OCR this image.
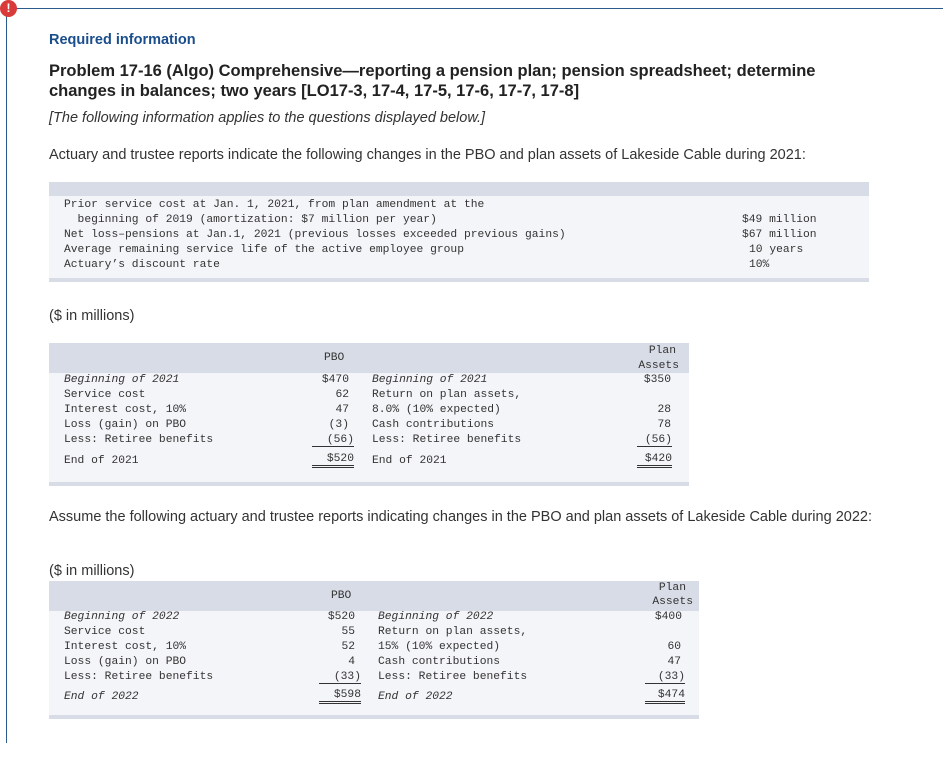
!
Required information
Problem 17-16 (Algo) Comprehensive—reporting a pension plan; pension spreadsheet; determine changes in balances; two years [LO17-3, 17-4, 17-5, 17-6, 17-7, 17-8]
[The following information applies to the questions displayed below.]
Actuary and trustee reports indicate the following changes in the PBO and plan assets of Lakeside Cable during 2021:
Prior service cost at Jan. 1, 2021, from plan amendment at the
beginning of 2019 (amortization: $7 million per year)	$49 million
Net loss–pensions at Jan.1, 2021 (previous losses exceeded previous gains)	$67 million
Average remaining service life of the active employee group	10 years
Actuary’s discount rate	10%
($ in millions)
PBO
Plan
Assets
Beginning of 2021	$470
Service cost	62
Interest cost, 10%	47
Loss (gain) on PBO	(3)
Less: Retiree benefits	(56)
End of 2021	$520
Beginning of 2021	$350
Return on plan assets,
8.0% (10% expected)	28
Cash contributions	78
Less: Retiree benefits	(56)
End of 2021	$420
Assume the following actuary and trustee reports indicating changes in the PBO and plan assets of Lakeside Cable during 2022:
($ in millions)
PBO
Plan
Assets
Beginning of 2022	$520
Service cost	55
Interest cost, 10%	52
Loss (gain) on PBO	4
Less: Retiree benefits	(33)
End of 2022	$598
Beginning of 2022	$400
Return on plan assets,
15% (10% expected)	60
Cash contributions	47
Less: Retiree benefits	(33)
End of 2022	$474
